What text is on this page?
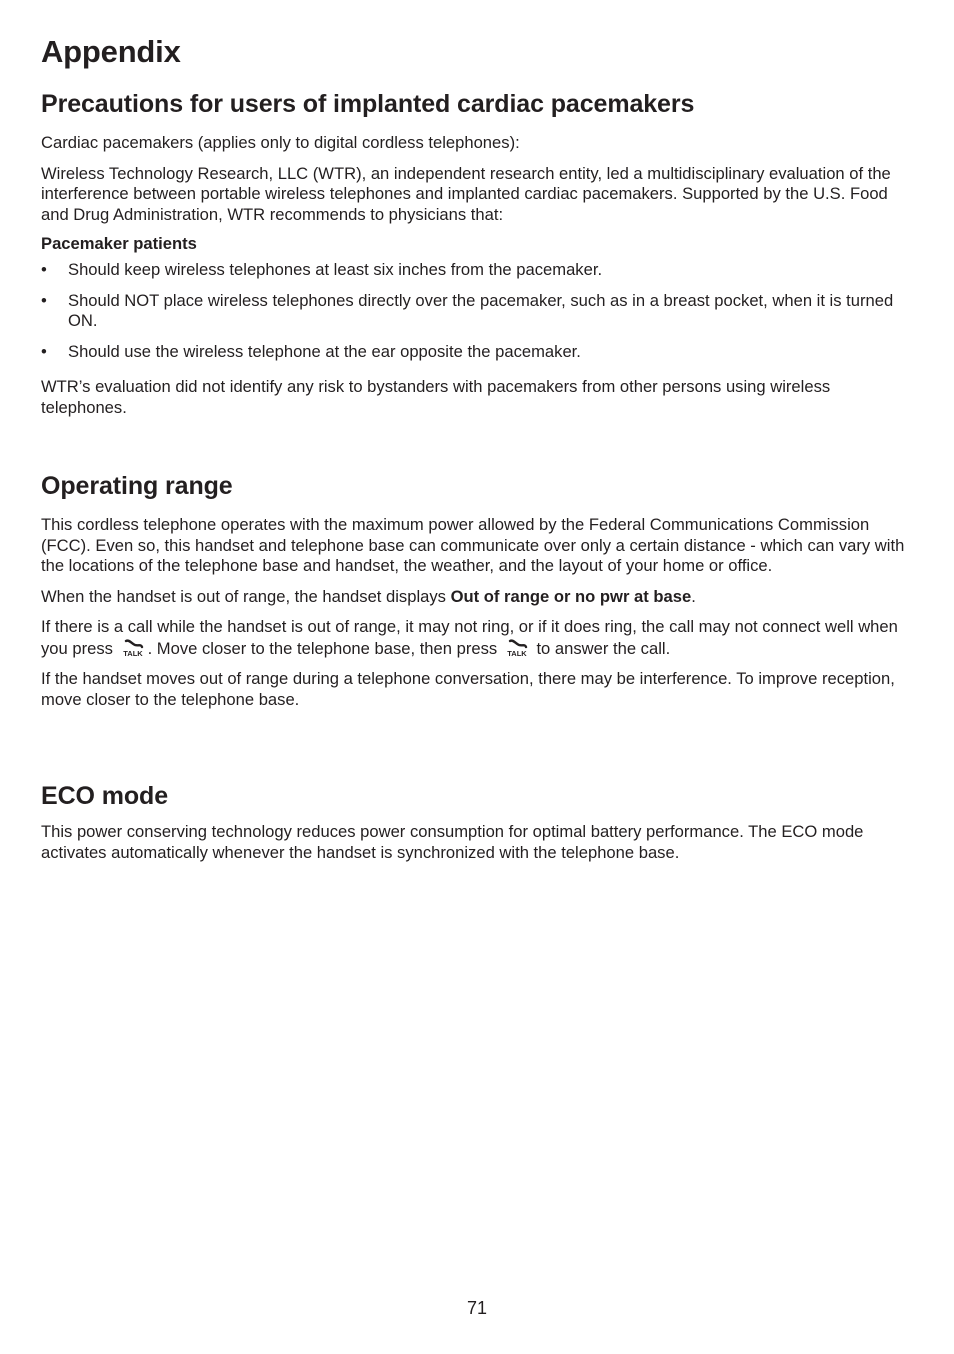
Appendix
Precautions for users of implanted cardiac pacemakers

Cardiac pacemakers (applies only to digital cordless telephones):

Wireless Technology Research, LLC (WTR), an independent research entity, led a multidisciplinary evaluation of the interference between portable wireless telephones and implanted cardiac pacemakers. Supported by the U.S. Food and Drug Administration, WTR recommends to physicians that:

Pacemaker patients

• Should keep wireless telephones at least six inches from the pacemaker.
• Should NOT place wireless telephones directly over the pacemaker, such as in a breast pocket, when it is turned ON.
• Should use the wireless telephone at the ear opposite the pacemaker.

WTR’s evaluation did not identify any risk to bystanders with pacemakers from other persons using wireless telephones.

Operating range

This cordless telephone operates with the maximum power allowed by the Federal Communications Commission (FCC). Even so, this handset and telephone base can communicate over only a certain distance - which can vary with the locations of the telephone base and handset, the weather, and the layout of your home or office.

When the handset is out of range, the handset displays Out of range or no pwr at base.

If there is a call while the handset is out of range, it may not ring, or if it does ring, the call may not connect well when you press TALK . Move closer to the telephone base, then press TALK to answer the call.

If the handset moves out of range during a telephone conversation, there may be interference. To improve reception, move closer to the telephone base.

ECO mode

This power conserving technology reduces power consumption for optimal battery performance. The ECO mode activates automatically whenever the handset is synchronized with the telephone base.

71
